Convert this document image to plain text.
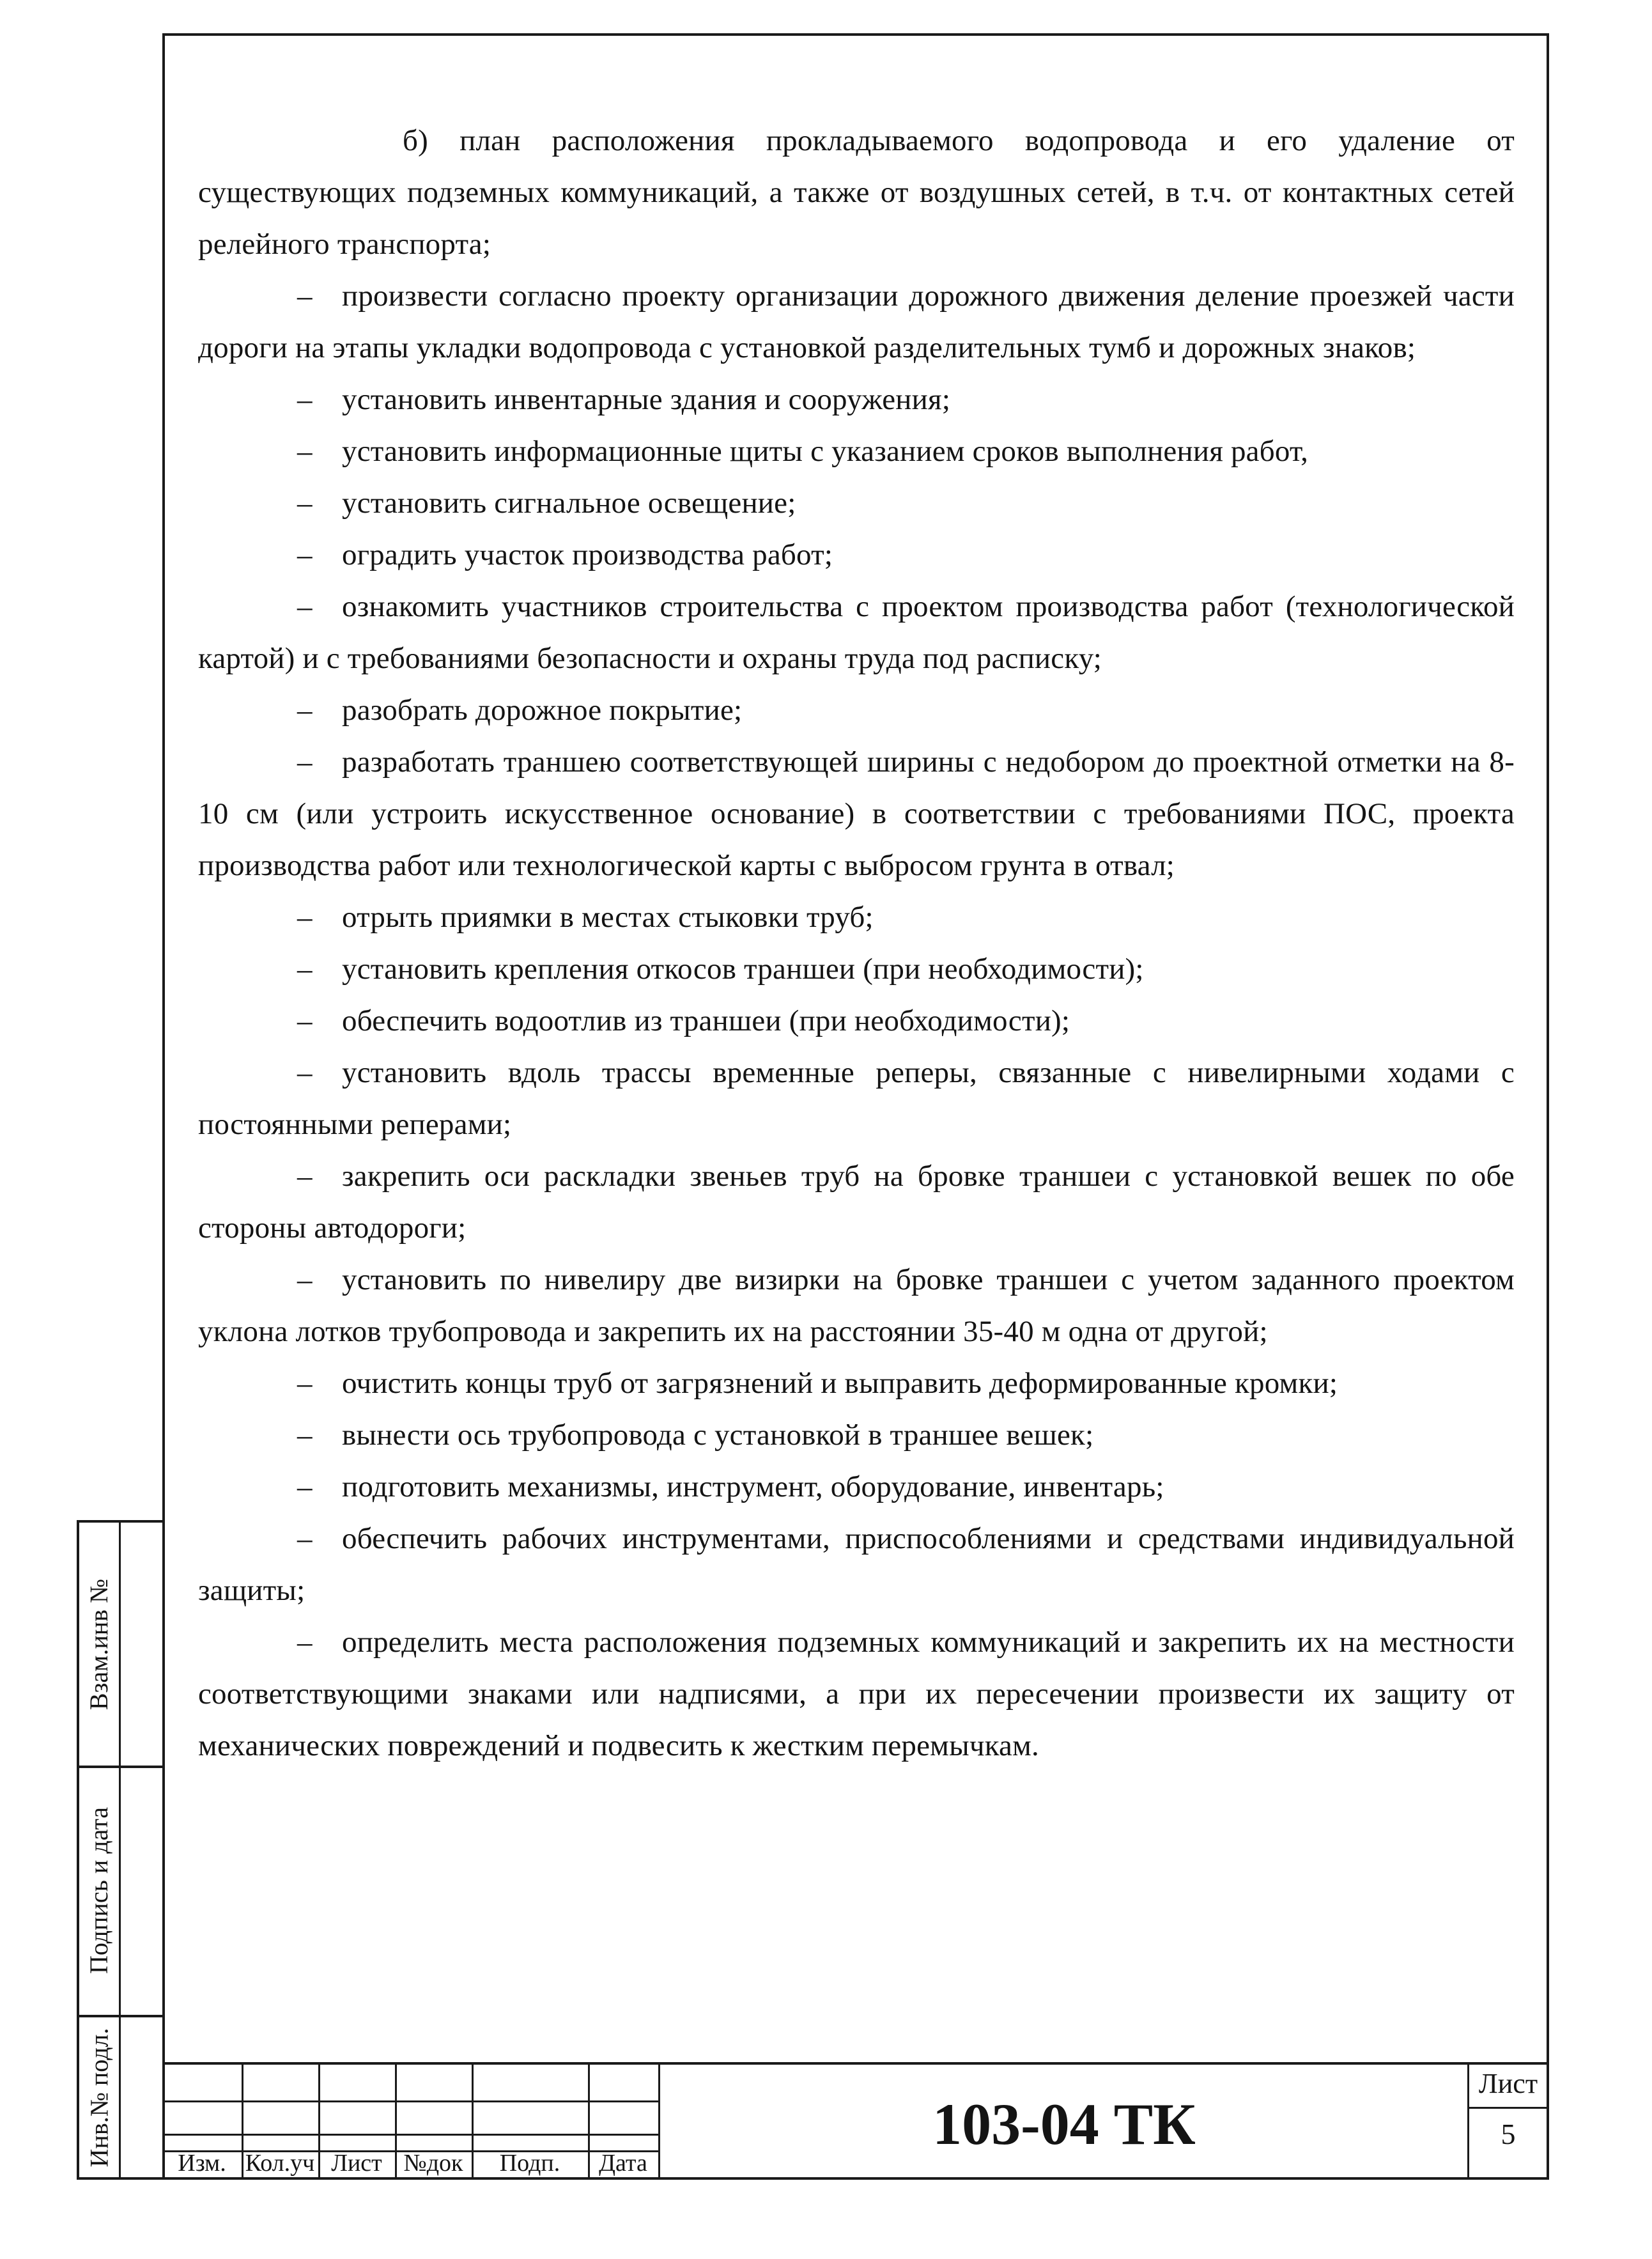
б) план расположения прокладываемого водопровода и его удаление от существующих подземных коммуникаций, а также от воздушных сетей, в т.ч. от контактных сетей релейного транспорта;

– произвести согласно проекту организации дорожного движения деление проезжей части дороги на этапы укладки водопровода с установкой разделительных тумб и дорожных знаков;

– установить инвентарные здания и сооружения;

– установить информационные щиты с указанием сроков выполнения работ,

– установить сигнальное освещение;

– оградить участок производства работ;

– ознакомить участников строительства с проектом производства работ (технологической картой) и с требованиями безопасности и охраны труда под расписку;

– разобрать дорожное покрытие;

– разработать траншею соответствующей ширины с недобором до проектной отметки на 8-10 см (или устроить искусственное основание) в соответствии с требованиями ПОС, проекта производства работ или технологической карты с выбросом грунта в отвал;

– отрыть приямки в местах стыковки труб;

– установить крепления откосов траншеи (при необходимости);

– обеспечить водоотлив из траншеи (при необходимости);

– установить вдоль трассы временные реперы, связанные с нивелирными ходами с постоянными реперами;

– закрепить оси раскладки звеньев труб на бровке траншеи с установкой вешек по обе стороны автодороги;

– установить по нивелиру две визирки на бровке траншеи с учетом заданного проектом уклона лотков трубопровода и закрепить их на расстоянии 35-40 м одна от другой;

– очистить концы труб от загрязнений и выправить деформированные кромки;

– вынести ось трубопровода с установкой в траншее вешек;

– подготовить механизмы, инструмент, оборудование, инвентарь;

– обеспечить рабочих инструментами, приспособлениями и средствами индивидуальной защиты;

– определить места расположения подземных коммуникаций и закрепить их на местности соответствующими знаками или надписями, а при их пересечении произвести их защиту от механических повреждений и подвесить к жестким перемычкам.

Взам.инв №
Подпись и дата
Инв.№ подл.	Изм. Кол.уч Лист №док	Подп.	Дата
103-04 ТК
Лист
5
